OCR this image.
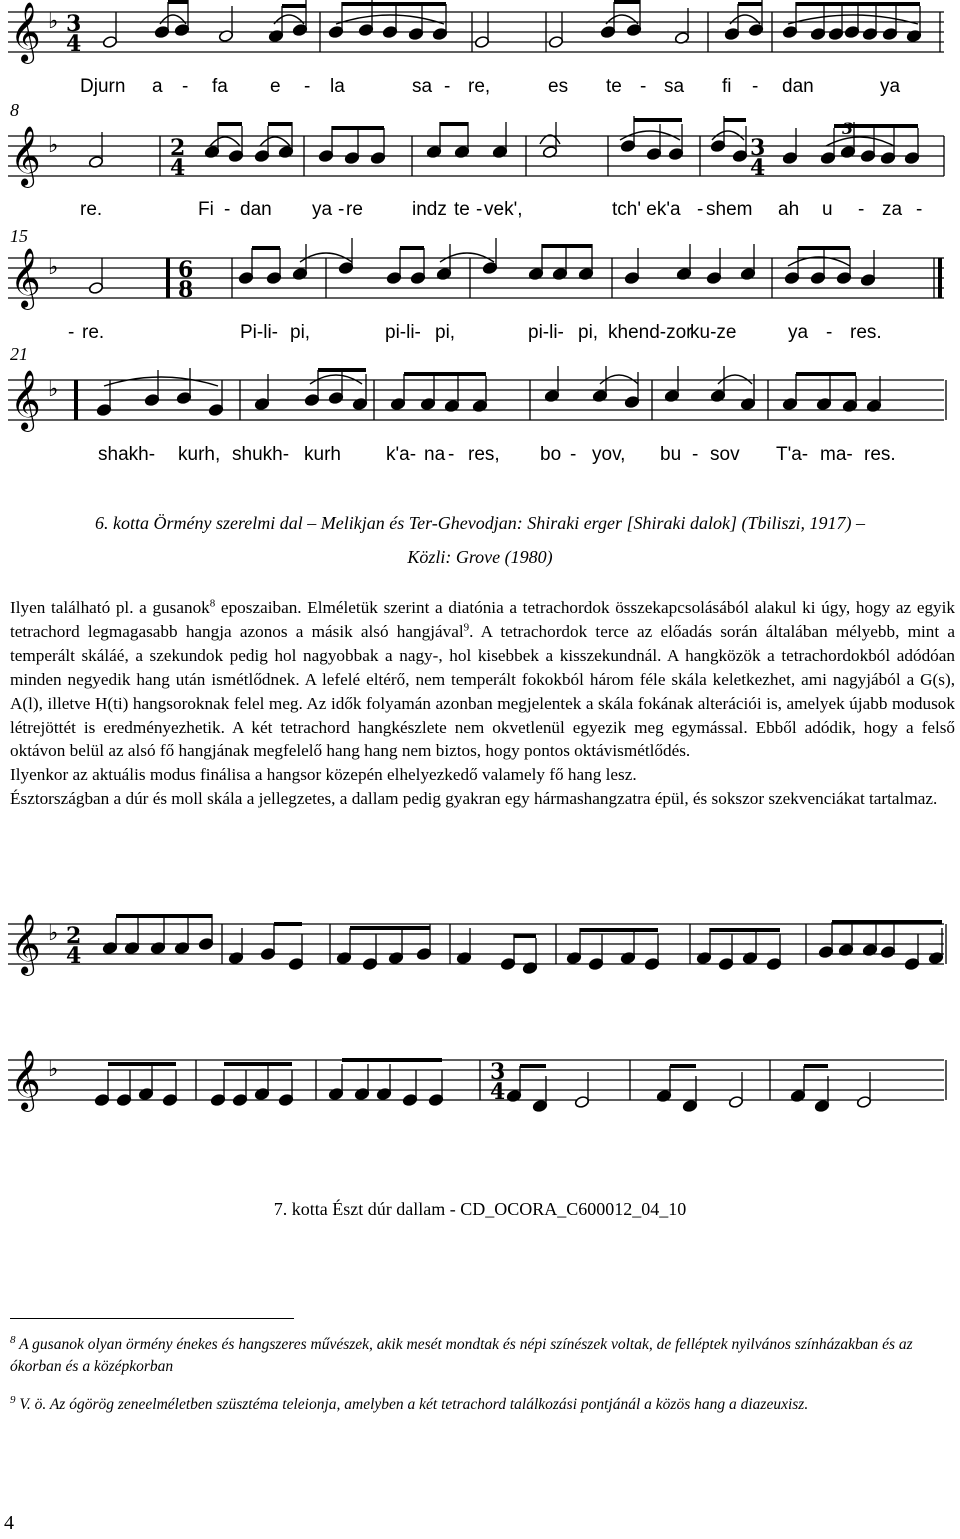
𝄞 ♭
𝄞 ♭
𝄞 ♭
𝄞 ♭
3
4
2
4
3
4
6
8
3
8
15
21
Djurn a - fa e - la	sa - re,	es te - sa fi - dan	ya
re.	Fi - dan ya - re	indz te - vek',	tch' ek'a - shem ah u - za -
- re.	Pi-li- pi,	pi-li- pi,	pi-li- pi, khend-zor
ku-ze	ya - res.
shakh- kurh, shukh- kurh k'a- na - res, bo - yov, bu - sov T'a- ma- res.
6. kotta Örmény szerelmi dal – Melikjan és Ter-Ghevodjan: Shiraki erger [Shiraki dalok] (Tbiliszi, 1917) –
Közli: Grove (1980)

Ilyen található pl. a gusanok$^8$ eposzaiban. Elméletük szerint a diatónia a tetrachordok összekapcsolásából alakul ki úgy, hogy az egyik tetrachord legmagasabb hangja azonos a másik alsó hangjával$^9$. A tetrachordok terce az előadás során általában mélyebb, mint a temperált skáláé, a szekundok pedig hol nagyobbak a nagy-, hol kisebbek a kisszekundnál. A hangközök a tetrachordokból adódóan minden negyedik hang után ismétlődnek. A lefelé eltérő, nem temperált fokokból három féle skála keletkezhet, ami nagyjából a G(s), A(l), illetve H(ti) hangsoroknak felel meg. Az idők folyamán azonban megjelentek a skála fokának alterációi is, amelyek újabb modusok létrejöttét is eredményezhetik. A két tetrachord hangkészlete nem okvetlenül egyezik meg egymással. Ebből adódik, hogy a felső oktávon belül az alsó fő hangjának megfelelő hang hang nem biztos, hogy pontos oktávismétlődés.

Ilyenkor az aktuális modus finálisa a hangsor közepén elhelyezkedő valamely fő hang lesz.

Észtországban a dúr és moll skála a jellegzetes, a dallam pedig gyakran egy hármashangzatra épül, és sokszor szekvenciákat tartalmaz.

𝄞 ♭
𝄞 ♭
2
4
3
4
7. kotta Észt dúr dallam - CD_OCORA_C600012_04_10
$^8$ A gusanok olyan örmény énekes és hangszeres művészek, akik mesét mondtak és népi színészek voltak, de felléptek nyilvános színházakban és az ókorban és a középkorban
$^9$ V. ö. Az ógörög zeneelméletben szüsztéma teleionja, amelyben a két tetrachord találkozási pontjánál a közös hang a diazeuxisz.
4
